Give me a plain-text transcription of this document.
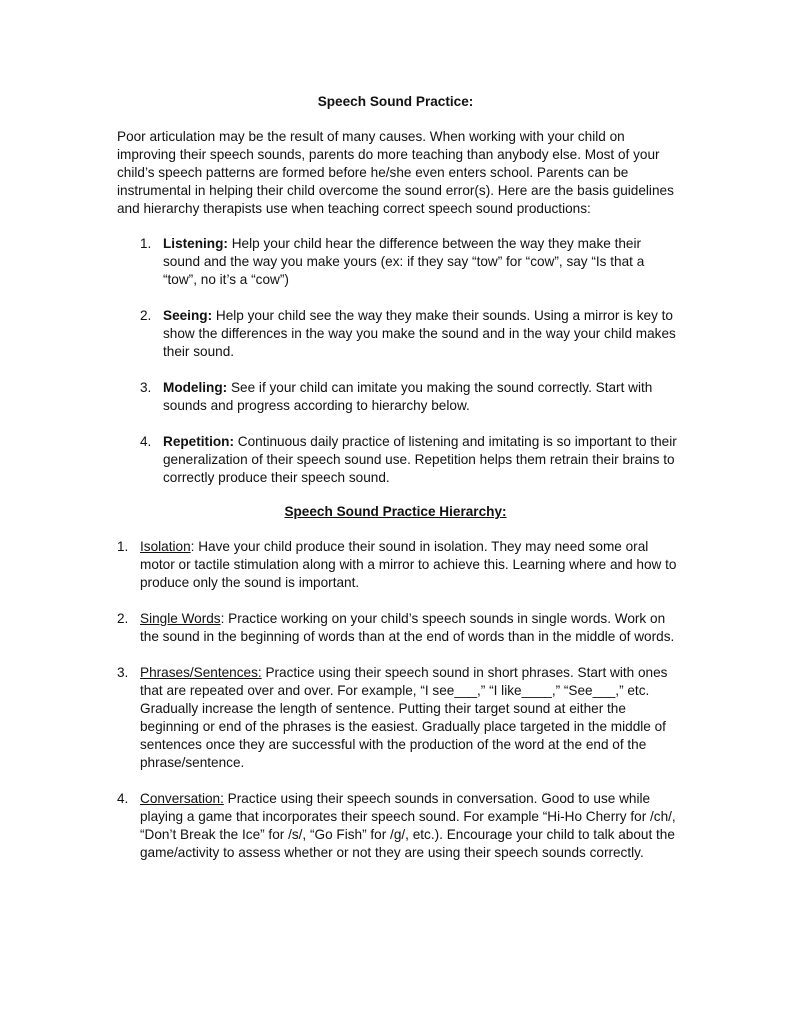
Speech Sound Practice:

Poor articulation may be the result of many causes. When working with your child on improving their speech sounds, parents do more teaching than anybody else. Most of your child’s speech patterns are formed before he/she even enters school. Parents can be instrumental in helping their child overcome the sound error(s). Here are the basis guidelines and hierarchy therapists use when teaching correct speech sound productions:

1. Listening: Help your child hear the difference between the way they make their sound and the way you make yours (ex: if they say “tow” for “cow”, say “Is that a “tow”, no it’s a “cow”)
2. Seeing: Help your child see the way they make their sounds. Using a mirror is key to show the differences in the way you make the sound and in the way your child makes their sound.
3. Modeling: See if your child can imitate you making the sound correctly. Start with sounds and progress according to hierarchy below.
4. Repetition: Continuous daily practice of listening and imitating is so important to their generalization of their speech sound use. Repetition helps them retrain their brains to correctly produce their speech sound.
Speech Sound Practice Hierarchy:
1. Isolation: Have your child produce their sound in isolation. They may need some oral motor or tactile stimulation along with a mirror to achieve this. Learning where and how to produce only the sound is important.
2. Single Words: Practice working on your child’s speech sounds in single words. Work on the sound in the beginning of words than at the end of words than in the middle of words.
3. Phrases/Sentences: Practice using their speech sound in short phrases. Start with ones that are repeated over and over. For example, “I see___,” “I like____,” “See___,” etc. Gradually increase the length of sentence. Putting their target sound at either the beginning or end of the phrases is the easiest. Gradually place targeted in the middle of sentences once they are successful with the production of the word at the end of the phrase/sentence.
4. Conversation: Practice using their speech sounds in conversation. Good to use while playing a game that incorporates their speech sound. For example “Hi-Ho Cherry for /ch/, “Don’t Break the Ice” for /s/, “Go Fish” for /g/, etc.). Encourage your child to talk about the game/activity to assess whether or not they are using their speech sounds correctly.
